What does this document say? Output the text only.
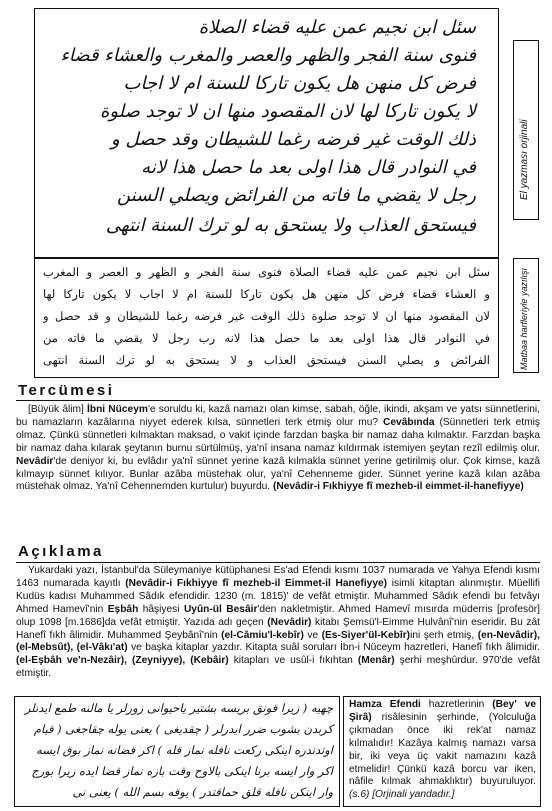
سئل ابن نجيم عمن عليه قضاء الصلاة
فنوى سنة الفجر والظهر والعصر والمغرب والعشاء قضاء
فرض كل منهن هل يكون تاركا للسنة ام لا اجاب
لا يكون تاركا لها لان المقصود منها ان لا توجد صلوة
ذلك الوقت غير فرضه رغما للشيطان وقد حصل و
في النوادر قال هذا اولى بعد ما حصل هذا لانه
رجل لا يقضي ما فاته من الفرائض ويصلي السنن
فيستحق العذاب ولا يستحق به لو ترك السنة انتهى
El yazması orjinali
سئل ابن نجيم عمن عليه قضاء الصلاة فنوى سنة الفجر و الظهر و العصر و المغرب
و العشاء قضاء فرض كل منهن هل يكون تاركا للسنة ام لا اجاب لا يكون تاركا لها
لان المقصود منها ان لا توجد صلوة ذلك الوقت غير فرضه رغما للشيطان و قد حصل و
في النوادر قال هذا اولى بعد ما حصل هذا لانه رب رجل لا يقضي ما فاته من
الفرائض و يصلي السنن فيستحق العذاب و لا يستحق به لو ترك السنة انتهى	Matbaa harfleriyle yazılışı
Tercümesi
[Büyük âlim] İbni Nüceym'e soruldu ki, kazâ namazı olan kimse, sabah, öğle, ikindi, akşam ve yatsı sünnetlerini, bu namazların kazâlarına niyyet ederek kılsa, sünnetleri terk etmiş olur mu? Cevâbında (Sünnetleri terk etmiş olmaz. Çünkü sünnetleri kılmaktan maksad, o vakit içinde farzdan başka bir namaz daha kılmaktır. Farzdan başka bir namaz daha kılarak şeytanın burnu sürtülmüş, ya'nî insana namaz kıldırmak istemiyen şeytan rezîl edilmiş olur. Nevâdir'de deniyor ki, bu evlâdır ya'nî sünnet yerine kazâ kılmakla sünnet yerine getirilmiş olur. Çok kimse, kazâ kılmayıp sünnet kılıyor. Bunlar azâba müstehak olur, ya'nî Cehenneme gider. Sünnet yerine kazâ kılan azâba müstehak olmaz. Ya'nî Cehennemden kurtulur) buyurdu. (Nevâdir-i Fıkhiyye fî mezheb-il eimmet-il-hanefiyye)
Açıklama
Yukardaki yazı, İstanbul'da Süleymaniye kütüphanesi Es'ad Efendi kısmı 1037 numarada ve Yahya Efendi kısmı 1463 numarada kayıtlı (Nevâdir-i Fıkhiyye fî mezheb-il Eimmet-il Hanefiyye) isimli kitaptan alınmıştır. Müellifi Kudüs kadısı Muhammed Sâdık efendidir. 1230 (m. 1815)' de vefât etmiştir. Muhammed Sâdık efendi bu fetvâyı Ahmed Hamevî'nin Eşbâh hâşiyesi Uyûn-ül Besâir'den nakletmiştir. Ahmed Hamevî mısırda müderris [profesör] olup 1098 [m.1686]da vefât etmiştir. Yazıda adı geçen (Nevâdir) kitabı Şemsü'l-Eimme Hulvânî'nin eseridir. Bu zât Hanefî fıkh âlimidir. Muhammed Şeybânî'nin (el-Câmiu'l-kebîr) ve (Es-Siyer'ül-Kebîr)ini şerh etmiş, (en-Nevâdir), (el-Mebsût), (el-Vâkı'at) ve başka kitaplar yazdır. Kitapta suâl soruları İbn-i Nüceym hazretleri, Hanefî fıkh âlimidir. (el-Eşbâh ve'n-Nezâir), (Zeyniyye), (Kebâir) kitapları ve usûl-i fıkıhtan (Menâr) şerhi meşhûrdur. 970'de vefât etmiştir.
چهیه ( زیرا قونق بریسه بشتیر یاحیوانی زورلر یا مالنه طمع ایدنلر
کربدن بشوب ضرر ایدرلر ( چقدیغی ) یعنی یوله چقاجغی ( قیام
اوتدندره اینکی رکعت نافله نماز قله ) اکر قضانه نماز بوق ایسه
اکر وار ایسه برنا اینکی بالاوح وقت بازه نماز قضا ایده زیرا بورج
وار اینکن نافله قلق حماقتدر ) یوقه بسم الله ) یعنی نی
Hamza Efendi hazretlerinin (Bey' ve Şirâ) risâlesinin şerhinde, (Yolculuğa çıkmadan önce iki rek'at namaz kılmalıdır! Kazâya kalmış namazı varsa bir, iki veya üç vakit namazını kazâ etmelidir! Çünkü kazâ borcu var iken, nâfile kılmak ahmaklıktır) buyuruluyor. (s.6) [Orjinali yandadır.]
